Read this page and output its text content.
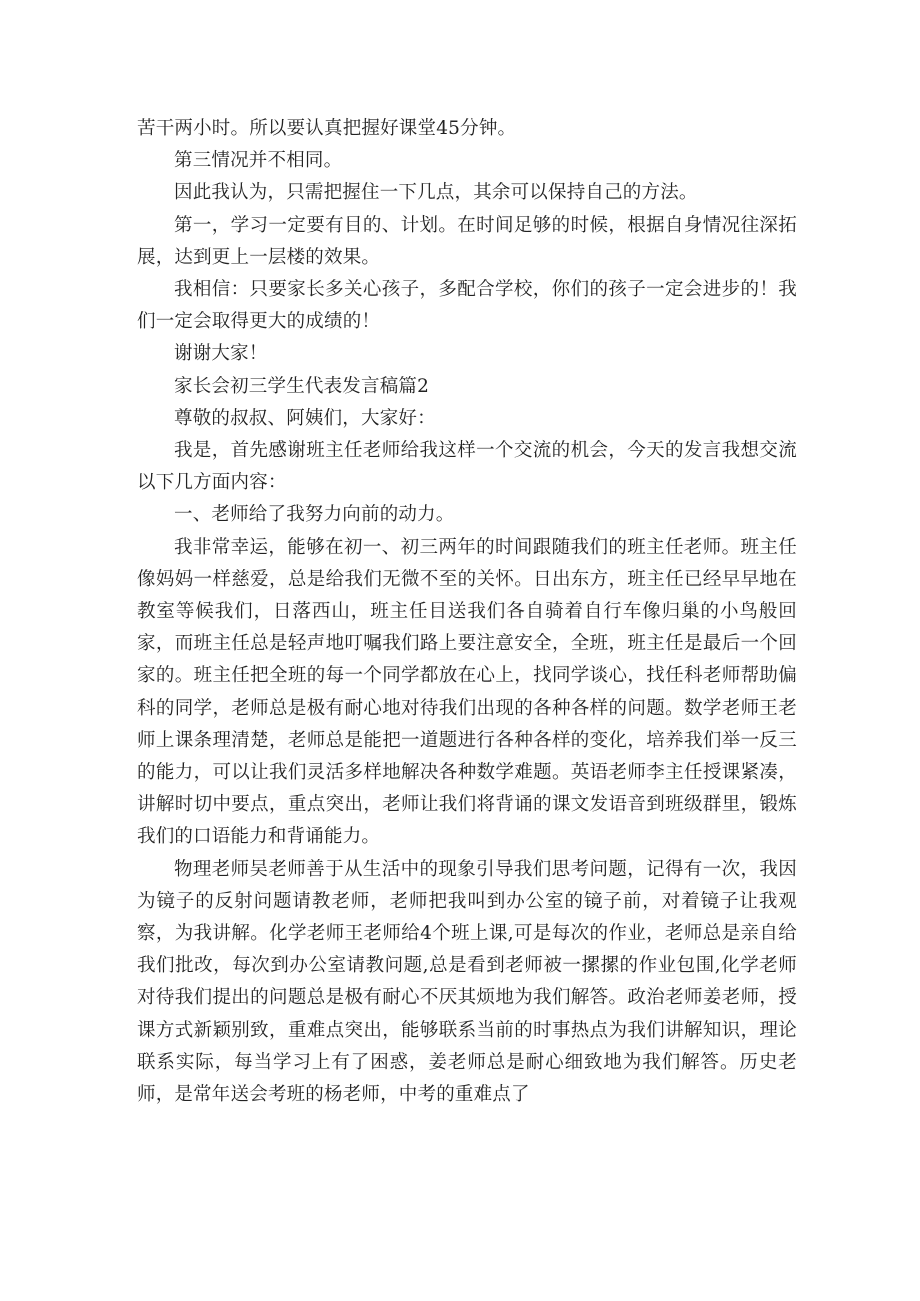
苦干两小时。所以要认真把握好课堂45分钟。

第三情况并不相同。

因此我认为，只需把握住一下几点，其余可以保持自己的方法。

第一，学习一定要有目的、计划。在时间足够的时候，根据自身情况往深拓展，达到更上一层楼的效果。

我相信：只要家长多关心孩子，多配合学校，你们的孩子一定会进步的！我们一定会取得更大的成绩的！

谢谢大家！

家长会初三学生代表发言稿篇2

尊敬的叔叔、阿姨们，大家好：

我是，首先感谢班主任老师给我这样一个交流的机会，今天的发言我想交流以下几方面内容：

一、老师给了我努力向前的动力。

我非常幸运，能够在初一、初三两年的时间跟随我们的班主任老师。班主任像妈妈一样慈爱，总是给我们无微不至的关怀。日出东方，班主任已经早早地在教室等候我们，日落西山，班主任目送我们各自骑着自行车像归巢的小鸟般回家，而班主任总是轻声地叮嘱我们路上要注意安全，全班，班主任是最后一个回家的。班主任把全班的每一个同学都放在心上，找同学谈心，找任科老师帮助偏科的同学，老师总是极有耐心地对待我们出现的各种各样的问题。数学老师王老师上课条理清楚，老师总是能把一道题进行各种各样的变化，培养我们举一反三的能力，可以让我们灵活多样地解决各种数学难题。英语老师李主任授课紧凑，讲解时切中要点，重点突出，老师让我们将背诵的课文发语音到班级群里，锻炼我们的口语能力和背诵能力。

物理老师吴老师善于从生活中的现象引导我们思考问题，记得有一次，我因为镜子的反射问题请教老师，老师把我叫到办公室的镜子前，对着镜子让我观察，为我讲解。化学老师王老师给4个班上课,可是每次的作业，老师总是亲自给我们批改，每次到办公室请教问题,总是看到老师被一摞摞的作业包围,化学老师对待我们提出的问题总是极有耐心不厌其烦地为我们解答。政治老师姜老师，授课方式新颖别致，重难点突出，能够联系当前的时事热点为我们讲解知识，理论联系实际，每当学习上有了困惑，姜老师总是耐心细致地为我们解答。历史老师，是常年送会考班的杨老师，中考的重难点了
